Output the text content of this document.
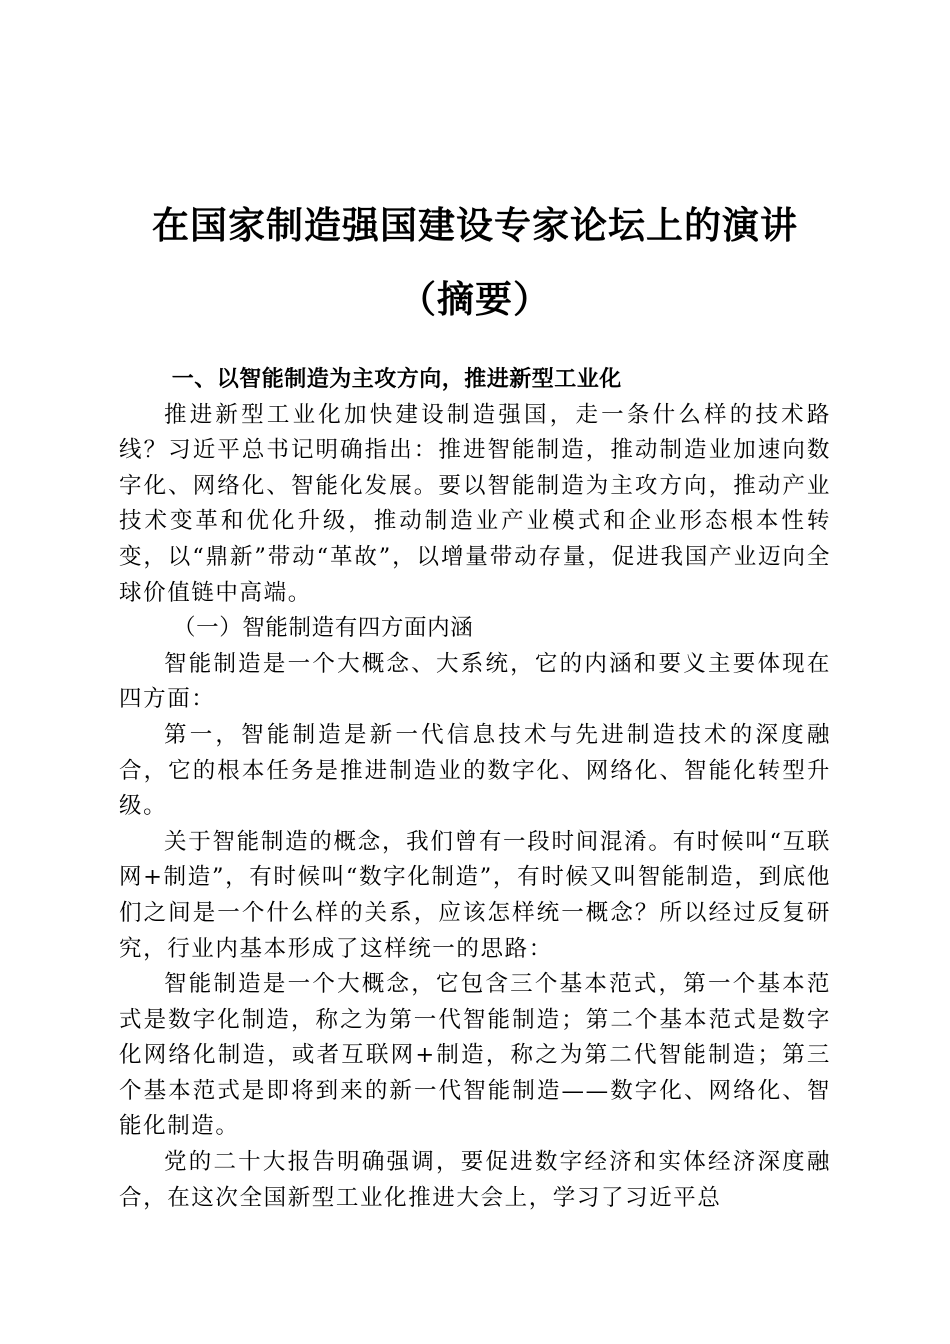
在国家制造强国建设专家论坛上的演讲（摘要）

一、以智能制造为主攻方向，推进新型工业化

推进新型工业化加快建设制造强国，走一条什么样的技术路线？习近平总书记明确指出：推进智能制造，推动制造业加速向数字化、网络化、智能化发展。要以智能制造为主攻方向，推动产业技术变革和优化升级，推动制造业产业模式和企业形态根本性转变，以“鼎新”带动“革故”，以增量带动存量，促进我国产业迈向全球价值链中高端。

（一）智能制造有四方面内涵

智能制造是一个大概念、大系统，它的内涵和要义主要体现在四方面：

第一，智能制造是新一代信息技术与先进制造技术的深度融合，它的根本任务是推进制造业的数字化、网络化、智能化转型升级。

关于智能制造的概念，我们曾有一段时间混淆。有时候叫“互联网+制造”，有时候叫“数字化制造”，有时候又叫智能制造，到底他们之间是一个什么样的关系，应该怎样统一概念？所以经过反复研究，行业内基本形成了这样统一的思路：

智能制造是一个大概念，它包含三个基本范式，第一个基本范式是数字化制造，称之为第一代智能制造；第二个基本范式是数字化网络化制造，或者互联网+制造，称之为第二代智能制造；第三个基本范式是即将到来的新一代智能制造——数字化、网络化、智能化制造。

党的二十大报告明确强调，要促进数字经济和实体经济深度融合，在这次全国新型工业化推进大会上，学习了习近平总
